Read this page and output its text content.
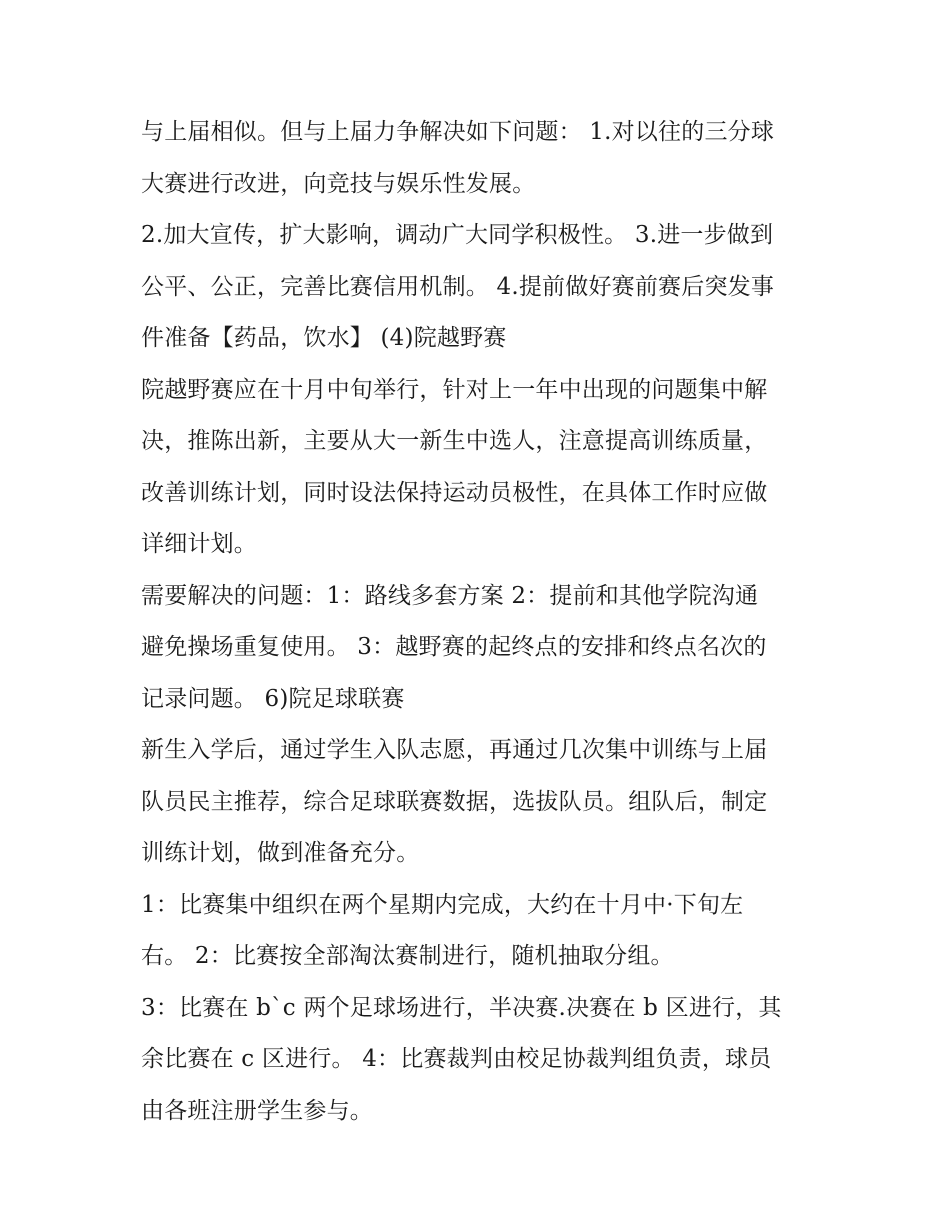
与上届相似。但与上届力争解决如下问题： 1.对以往的三分球
大赛进行改进，向竞技与娱乐性发展。
2.加大宣传，扩大影响，调动广大同学积极性。 3.进一步做到
公平、公正，完善比赛信用机制。 4.提前做好赛前赛后突发事
件准备【药品，饮水】 (4)院越野赛
院越野赛应在十月中旬举行，针对上一年中出现的问题集中解
决，推陈出新，主要从大一新生中选人，注意提高训练质量，
改善训练计划，同时设法保持运动员极性，在具体工作时应做
详细计划。
需要解决的问题：1：路线多套方案 2：提前和其他学院沟通
避免操场重复使用。 3：越野赛的起终点的安排和终点名次的
记录问题。 6)院足球联赛
新生入学后，通过学生入队志愿，再通过几次集中训练与上届
队员民主推荐，综合足球联赛数据，选拔队员。组队后，制定
训练计划，做到准备充分。
1：比赛集中组织在两个星期内完成，大约在十月中·下旬左
右。 2：比赛按全部淘汰赛制进行，随机抽取分组。
3：比赛在 b`c 两个足球场进行，半决赛.决赛在 b 区进行，其
余比赛在 c 区进行。 4：比赛裁判由校足协裁判组负责，球员
由各班注册学生参与。
